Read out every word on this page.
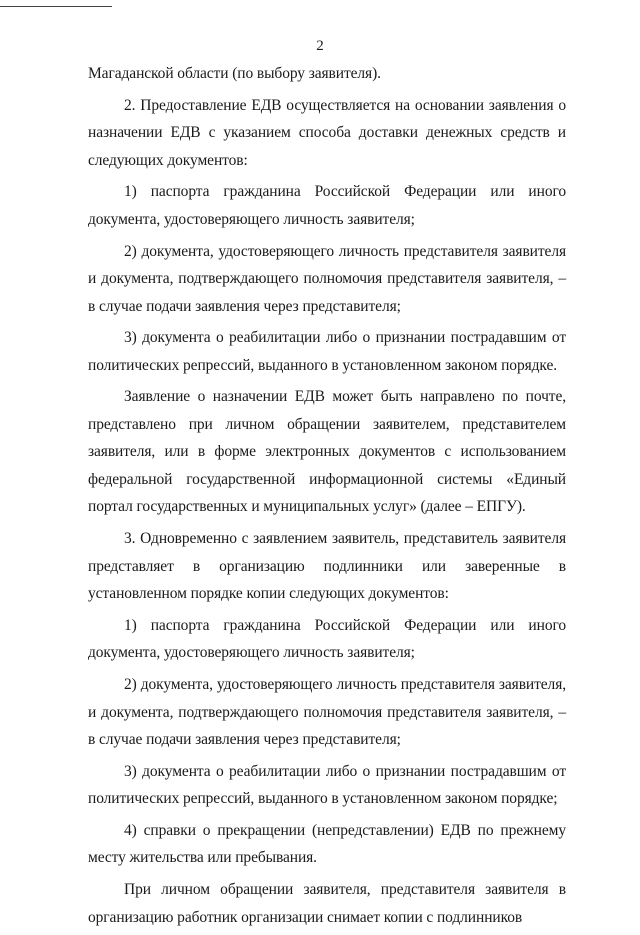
2

Магаданской области (по выбору заявителя).

2. Предоставление ЕДВ осуществляется на основании заявления о назначении ЕДВ с указанием способа доставки денежных средств и следующих документов:

1) паспорта гражданина Российской Федерации или иного документа, удостоверяющего личность заявителя;

2) документа, удостоверяющего личность представителя заявителя и документа, подтверждающего полномочия представителя заявителя, – в случае подачи заявления через представителя;

3) документа о реабилитации либо о признании пострадавшим от политических репрессий, выданного в установленном законом порядке.

Заявление о назначении ЕДВ может быть направлено по почте, представлено при личном обращении заявителем, представителем заявителя, или в форме электронных документов с использованием федеральной государственной информационной системы «Единый портал государственных и муниципальных услуг» (далее – ЕПГУ).

3. Одновременно с заявлением заявитель, представитель заявителя представляет в организацию подлинники или заверенные в установленном порядке копии следующих документов:

1) паспорта гражданина Российской Федерации или иного документа, удостоверяющего личность заявителя;

2) документа, удостоверяющего личность представителя заявителя, и документа, подтверждающего полномочия представителя заявителя, – в случае подачи заявления через представителя;

3) документа о реабилитации либо о признании пострадавшим от политических репрессий, выданного в установленном законом порядке;

4) справки о прекращении (непредставлении) ЕДВ по прежнему месту жительства или пребывания.

При личном обращении заявителя, представителя заявителя в организацию работник организации снимает копии с подлинников
